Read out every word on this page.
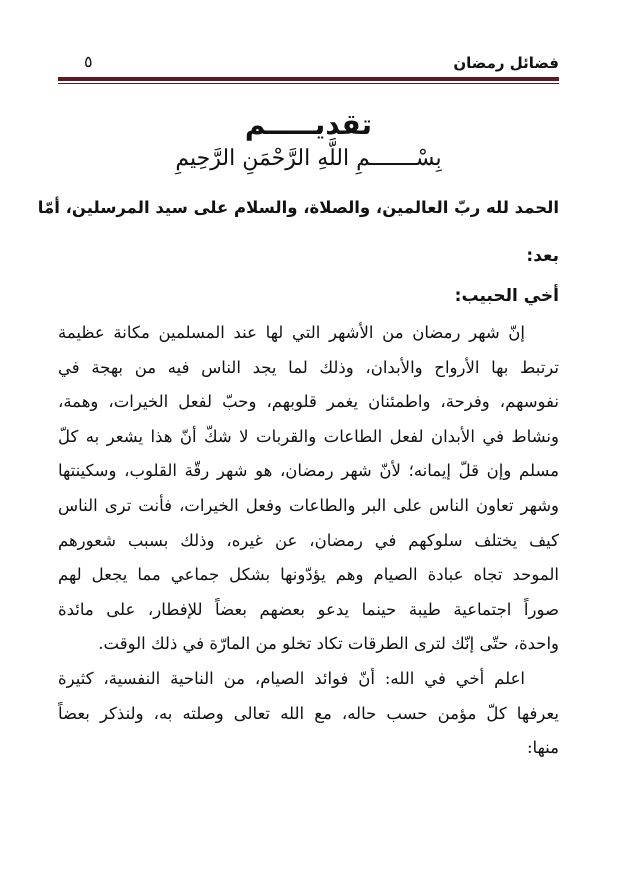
فضائل رمضان
٥
تقديـــــم
بِسْـــــــمِ اللَّهِ الرَّحْمَنِ الرَّحِيمِ
الحمد لله ربّ العالمين، والصلاة، والسلام على سيد المرسلين، أمّا
بعد:
أخي الحبيب:
إنّ شهر رمضان من الأشهر التي لها عند المسلمين مكانة عظيمة
ترتبط بها الأرواح والأبدان، وذلك لما يجد الناس فيه من بهجة في
نفوسهم، وفرحة، واطمئنان يغمر قلوبهم، وحبّ لفعل الخيرات، وهمة،
ونشاط في الأبدان لفعل الطاعات والقربات لا شكّ أنّ هذا يشعر به كلّ
مسلم وإن قلّ إيمانه؛ لأنّ شهر رمضان، هو شهر رقّة القلوب، وسكينتها
وشهر تعاون الناس على البر والطاعات وفعل الخيرات، فأنت ترى الناس
كيف يختلف سلوكهم في رمضان، عن غيره، وذلك بسبب شعورهم
الموحد تجاه عبادة الصيام وهم يؤدّونها بشكل جماعي مما يجعل لهم
صوراً اجتماعية طيبة حينما يدعو بعضهم بعضاً للإفطار، على مائدة
واحدة، حتّى إنّك لترى الطرقات تكاد تخلو من المارّة في ذلك الوقت.
اعلم أخي في الله: أنّ فوائد الصيام، من الناحية النفسية، كثيرة
يعرفها كلّ مؤمن حسب حاله، مع الله تعالى وصلته به، ولنذكر بعضاً
منها:
